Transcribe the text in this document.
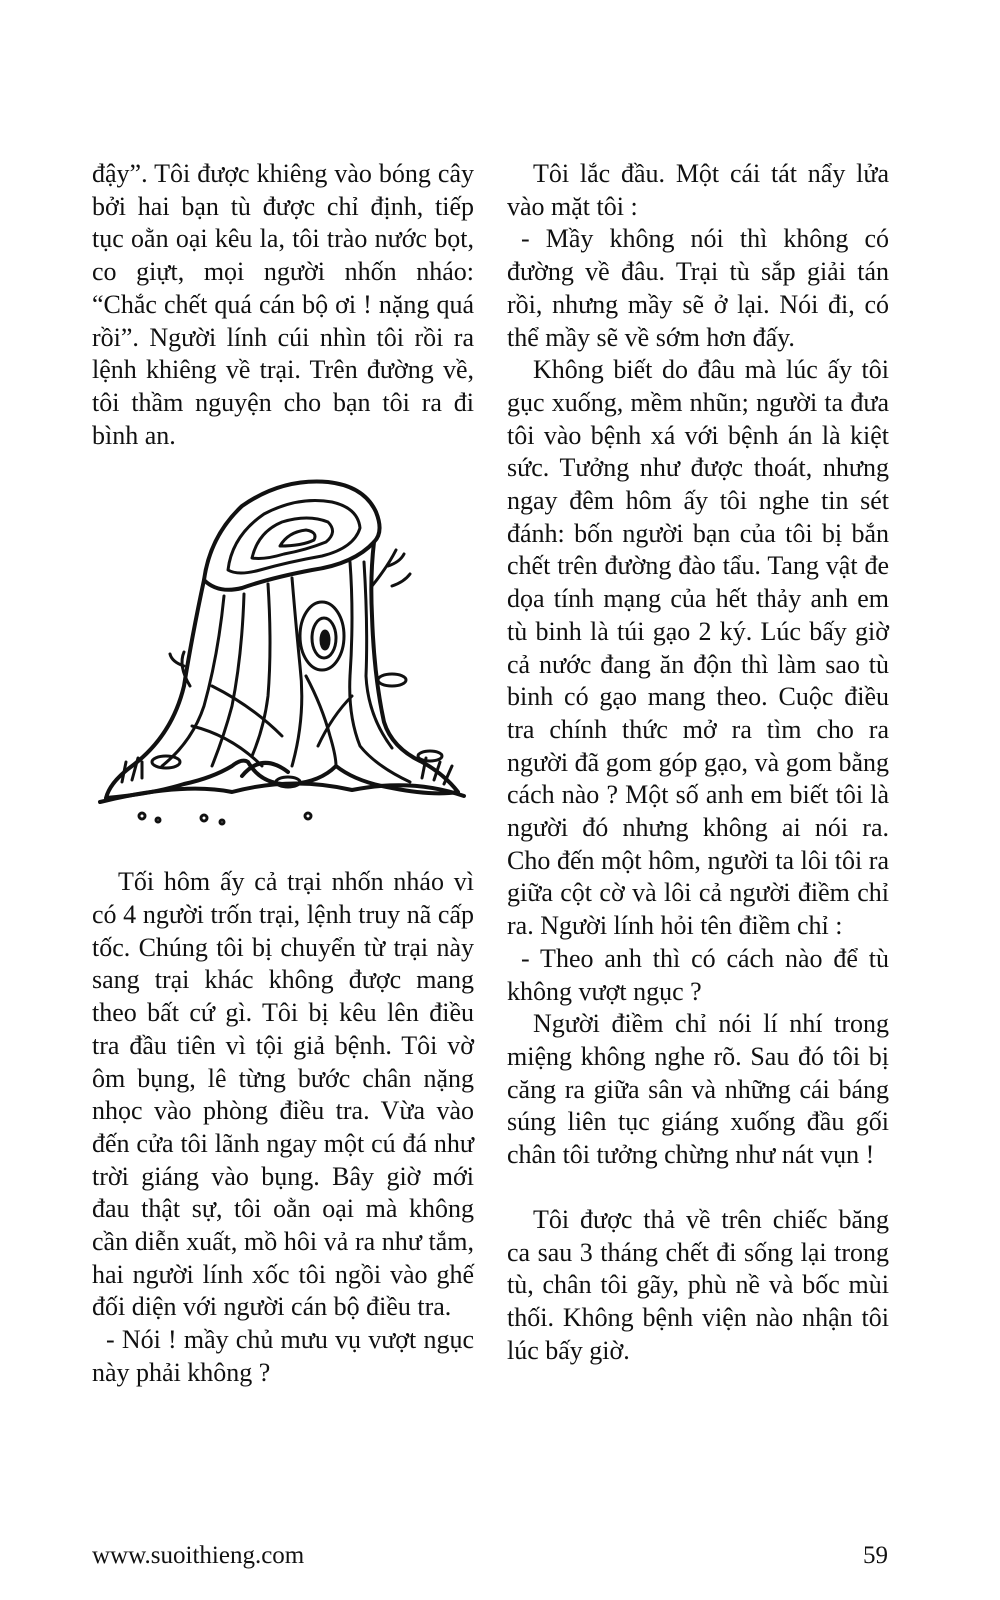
đậy”. Tôi được khiêng vào bóng cây bởi hai bạn tù được chỉ định, tiếp tục oằn oại kêu la, tôi trào nước bọt, co giựt, mọi người nhốn nháo: “Chắc chết quá cán bộ ơi ! nặng quá rồi”. Người lính cúi nhìn tôi rồi ra lệnh khiêng về trại. Trên đường về, tôi thầm nguyện cho bạn tôi ra đi bình an.

Tối hôm ấy cả trại nhốn nháo vì có 4 người trốn trại, lệnh truy nã cấp tốc. Chúng tôi bị chuyển từ trại này sang trại khác không được mang theo bất cứ gì. Tôi bị kêu lên điều tra đầu tiên vì tội giả bệnh. Tôi vờ ôm bụng, lê từng bước chân nặng nhọc vào phòng điều tra. Vừa vào đến cửa tôi lãnh ngay một cú đá như trời giáng vào bụng. Bây giờ mới đau thật sự, tôi oằn oại mà không cần diễn xuất, mồ hôi vả ra như tắm, hai người lính xốc tôi ngồi vào ghế đối diện với người cán bộ điều tra.

- Nói ! mầy chủ mưu vụ vượt ngục này phải không ?

Tôi lắc đầu. Một cái tát nẩy lửa vào mặt tôi :

- Mầy không nói thì không có đường về đâu. Trại tù sắp giải tán rồi, nhưng mầy sẽ ở lại. Nói đi, có thể mầy sẽ về sớm hơn đấy.

Không biết do đâu mà lúc ấy tôi gục xuống, mềm nhũn; người ta đưa tôi vào bệnh xá với bệnh án là kiệt sức. Tưởng như được thoát, nhưng ngay đêm hôm ấy tôi nghe tin sét đánh: bốn người bạn của tôi bị bắn chết trên đường đào tẩu. Tang vật đe dọa tính mạng của hết thảy anh em tù binh là túi gạo 2 ký. Lúc bấy giờ cả nước đang ăn độn thì làm sao tù binh có gạo mang theo. Cuộc điều tra chính thức mở ra tìm cho ra người đã gom góp gạo, và gom bằng cách nào ? Một số anh em biết tôi là người đó nhưng không ai nói ra. Cho đến một hôm, người ta lôi tôi ra giữa cột cờ và lôi cả người điềm chỉ ra. Người lính hỏi tên điềm chỉ :

- Theo anh thì có cách nào để tù không vượt ngục ?

Người điềm chỉ nói lí nhí trong miệng không nghe rõ. Sau đó tôi bị căng ra giữa sân và những cái báng súng liên tục giáng xuống đầu gối chân tôi tưởng chừng như nát vụn !

Tôi được thả về trên chiếc băng ca sau 3 tháng chết đi sống lại trong tù, chân tôi gãy, phù nề và bốc mùi thối. Không bệnh viện nào nhận tôi lúc bấy giờ.

www.suoithieng.com	59
